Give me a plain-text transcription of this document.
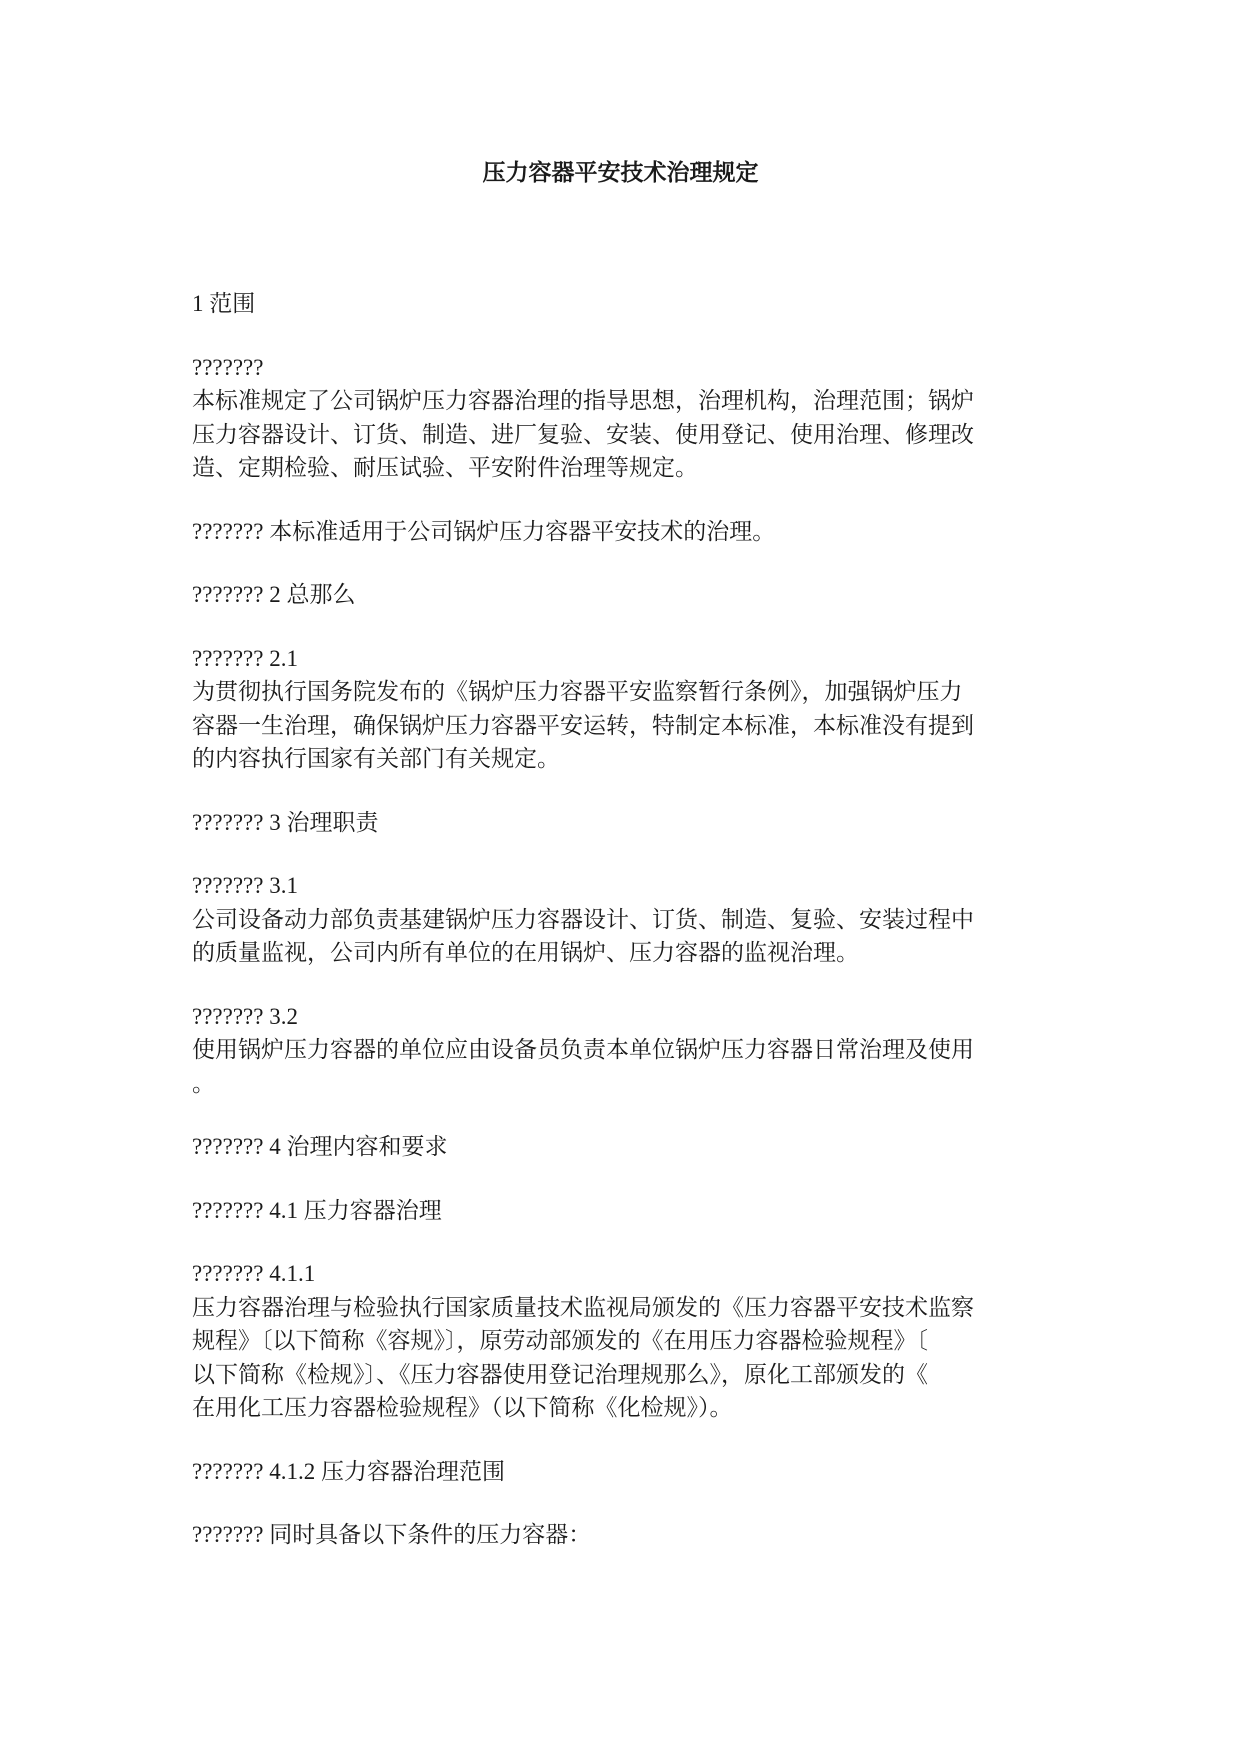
压力容器平安技术治理规定

1 范围

???????
本标准规定了公司锅炉压力容器治理的指导思想，治理机构，治理范围；锅炉
压力容器设计、订货、制造、进厂复验、安装、使用登记、使用治理、修理改
造、定期检验、耐压试验、平安附件治理等规定。

??????? 本标准适用于公司锅炉压力容器平安技术的治理。

??????? 2 总那么

??????? 2.1
为贯彻执行国务院发布的《锅炉压力容器平安监察暂行条例》，加强锅炉压力
容器一生治理，确保锅炉压力容器平安运转，特制定本标准，本标准没有提到
的内容执行国家有关部门有关规定。

??????? 3 治理职责

??????? 3.1
公司设备动力部负责基建锅炉压力容器设计、订货、制造、复验、安装过程中
的质量监视，公司内所有单位的在用锅炉、压力容器的监视治理。

??????? 3.2
使用锅炉压力容器的单位应由设备员负责本单位锅炉压力容器日常治理及使用
。

??????? 4 治理内容和要求

??????? 4.1 压力容器治理

??????? 4.1.1
压力容器治理与检验执行国家质量技术监视局颁发的《压力容器平安技术监察
规程》〔以下简称《容规》〕，原劳动部颁发的《在用压力容器检验规程》〔
以下简称《检规》〕、《压力容器使用登记治理规那么》，原化工部颁发的《
在用化工压力容器检验规程》（以下简称《化检规》）。

??????? 4.1.2 压力容器治理范围

??????? 同时具备以下条件的压力容器：
